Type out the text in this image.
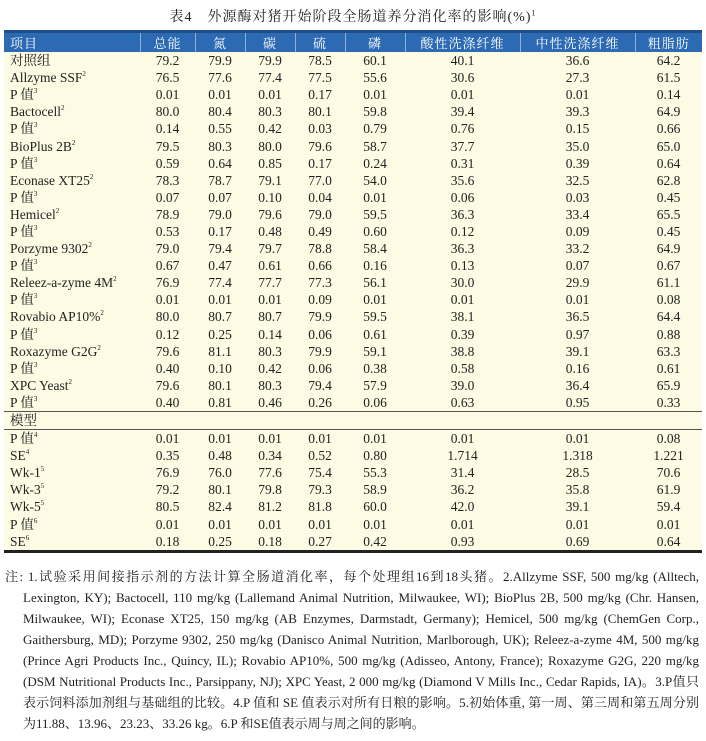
表4　外源酶对猪开始阶段全肠道养分消化率的影响(%)$^1$
项目	总能	氮	碳	硫	磷	酸性洗涤纤维	中性洗涤纤维	粗脂肪
对照组	79.2	79.9	79.9	78.5	60.1	40.1	36.6	64.2
Allzyme SSF$^2$	76.5	77.6	77.4	77.5	55.6	30.6	27.3	61.5
P 值$^3$	0.01	0.01	0.01	0.17	0.01	0.01	0.01	0.14
Bactocell$^2$	80.0	80.4	80.3	80.1	59.8	39.4	39.3	64.9
P 值$^3$	0.14	0.55	0.42	0.03	0.79	0.76	0.15	0.66
BioPlus $2B^2$	79.5	80.3	80.0	79.6	58.7	37.7	35.0	65.0
P 值$^3$	0.59	0.64	0.85	0.17	0.24	0.31	0.39	0.64
Econase $XT25^2$	78.3	78.7	79.1	77.0	54.0	35.6	32.5	62.8
P 值$^3$	0.07	0.07	0.10	0.04	0.01	0.06	0.03	0.45
Hemicel$^2$	78.9	79.0	79.6	79.0	59.5	36.3	33.4	65.5
P 值$^3$	0.53	0.17	0.48	0.49	0.60	0.12	0.09	0.45
Porzyme 9302$^2$	79.0	79.4	79.7	78.8	58.4	36.3	33.2	64.9
P 值$^3$	0.67	0.47	0.61	0.66	0.16	0.13	0.07	0.67
Releez-a-zyme $4M^2$	76.9	77.4	77.7	77.3	56.1	30.0	29.9	61.1
P 值$^3$	0.01	0.01	0.01	0.09	0.01	0.01	0.01	0.08
Rovabio AP10%$^2$	80.0	80.7	80.7	79.9	59.5	38.1	36.5	64.4
P 值$^3$	0.12	0.25	0.14	0.06	0.61	0.39	0.97	0.88
Roxazyme $G2G^2$	79.6	81.1	80.3	79.9	59.1	38.8	39.1	63.3
P 值$^3$	0.40	0.10	0.42	0.06	0.38	0.58	0.16	0.61
XPC Yeast$^2$	79.6	80.1	80.3	79.4	57.9	39.0	36.4	65.9
P 值$^3$	0.40	0.81	0.46	0.26	0.06	0.63	0.95	0.33
模型								
P 值$^4$	0.01	0.01	0.01	0.01	0.01	0.01	0.01	0.08
$SE^4$	0.35	0.48	0.34	0.52	0.80	1.714	1.318	1.221
$Wk-1^5$	76.9	76.0	77.6	75.4	55.3	31.4	28.5	70.6
$Wk-3^5$	79.2	80.1	79.8	79.3	58.9	36.2	35.8	61.9
$Wk-5^5$	80.5	82.4	81.2	81.8	60.0	42.0	39.1	59.4
P 值$^6$	0.01	0.01	0.01	0.01	0.01	0.01	0.01	0.01
$SE^6$	0.18	0.25	0.18	0.27	0.42	0.93	0.69	0.64
注: 1.试验采用间接指示剂的方法计算全肠道消化率，每个处理组16到18头猪。2.Allzyme SSF, 500 mg/kg (Alltech, Lexington, KY); Bactocell, 110 mg/kg (Lallemand Animal Nutrition, Milwaukee, WI); BioPlus 2B, 500 mg/kg (Chr. Hansen, Milwaukee, WI); Econase XT25, 150 mg/kg (AB Enzymes, Darmstadt, Germany); Hemicel, 500 mg/kg (ChemGen Corp., Gaithersburg, MD); Porzyme 9302, 250 mg/kg (Danisco Animal Nutrition, Marlborough, UK); Releez-a-zyme 4M, 500 mg/kg (Prince Agri Products Inc., Quincy, IL); Rovabio AP10%, 500 mg/kg (Adisseo, Antony, France); Roxazyme G2G, 220 mg/kg (DSM Nutritional Products Inc., Parsippany, NJ); XPC Yeast, 2 000 mg/kg (Diamond V Mills Inc., Cedar Rapids, IA)。3.P值只表示饲料添加剂组与基础组的比较。4.P 值和 SE 值表示对所有日粮的影响。5.初始体重, 第一周、第三周和第五周分别为11.88、13.96、23.23、33.26 kg。6.P 和SE值表示周与周之间的影响。
